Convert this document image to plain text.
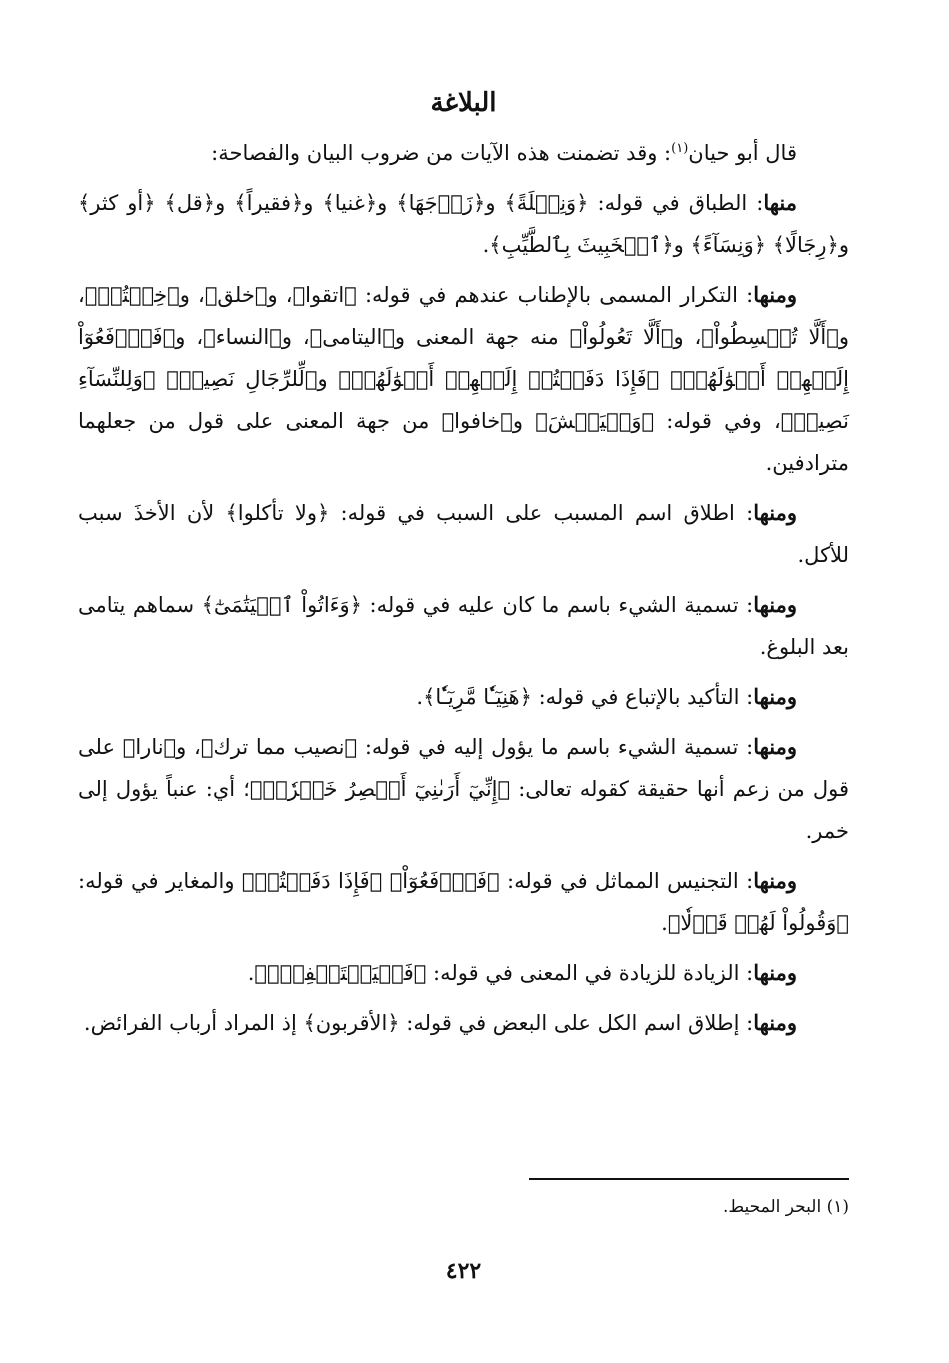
البلاغة

قال أبو حيان$^{(١)}$: وقد تضمنت هذه الآيات من ضروب البيان والفصاحة:

منها: الطباق في قوله: ﴿وَنِحۡلَةً﴾ و﴿زَوۡجَهَا﴾ و﴿غنيا﴾ و﴿فقيراً﴾ و﴿قل﴾ ﴿أو كثر﴾ و﴿رِجَالًا﴾ ﴿وَنِسَآءً﴾ و﴿ٱلۡخَبِيثَ بِٱلطَّيِّبِ﴾.

ومنها: التكرار المسمى بالإطناب عندهم في قوله: ﴿اتقوا﴾، و﴿خلق﴾، و﴿خِفۡتُمۡ﴾، و﴿أَلَّا تُقۡسِطُواْ﴾، و﴿أَلَّا تَعُولُواْ﴾ منه جهة المعنى و﴿اليتامى﴾، و﴿النساء﴾، و﴿فَٱدۡفَعُوٓاْ إِلَيۡهِمۡ أَمۡوَٰلَهُمۡ﴾ ﴿فَإِذَا دَفَعۡتُمۡ إِلَيۡهِمۡ أَمۡوَٰلَهُمۡ﴾ و﴿لِّلرِّجَالِ نَصِيبٞ﴾ ﴿وَلِلنِّسَآءِ نَصِيبٞ﴾، وفي قوله: ﴿وَلۡيَخۡشَ﴾ و﴿خافوا﴾ من جهة المعنى على قول من جعلهما مترادفين.

ومنها: اطلاق اسم المسبب على السبب في قوله: ﴿ولا تأكلوا﴾ لأن الأخذَ سبب للأكل.

ومنها: تسمية الشيء باسم ما كان عليه في قوله: ﴿وَءَاتُواْ ٱلۡيَتَٰمَىٰٓ﴾ سماهم يتامى بعد البلوغ.

ومنها: التأكيد بالإتباع في قوله: ﴿هَنِيٓـٔٗا مَّرِيٓـٔٗا﴾.

ومنها: تسمية الشيء باسم ما يؤول إليه في قوله: ﴿نصيب مما ترك﴾، و﴿نارا﴾ على قول من زعم أنها حقيقة كقوله تعالى: ﴿إِنِّيٓ أَرَىٰنِيٓ أَعۡصِرُ خَمۡرٗاۖ﴾؛ أي: عنباً يؤول إلى خمر.

ومنها: التجنيس المماثل في قوله: ﴿فَٱدۡفَعُوٓاْ﴾ ﴿فَإِذَا دَفَعۡتُمۡ﴾ والمغاير في قوله: ﴿وَقُولُواْ لَهُمۡ قَوۡلٗا﴾.

ومنها: الزيادة للزيادة في المعنى في قوله: ﴿فَلۡيَسۡتَعۡفِفۡۖ﴾.

ومنها: إطلاق اسم الكل على البعض في قوله: ﴿الأقربون﴾ إذ المراد أرباب الفرائض.

(١) البحر المحيط.

٤٢٢
